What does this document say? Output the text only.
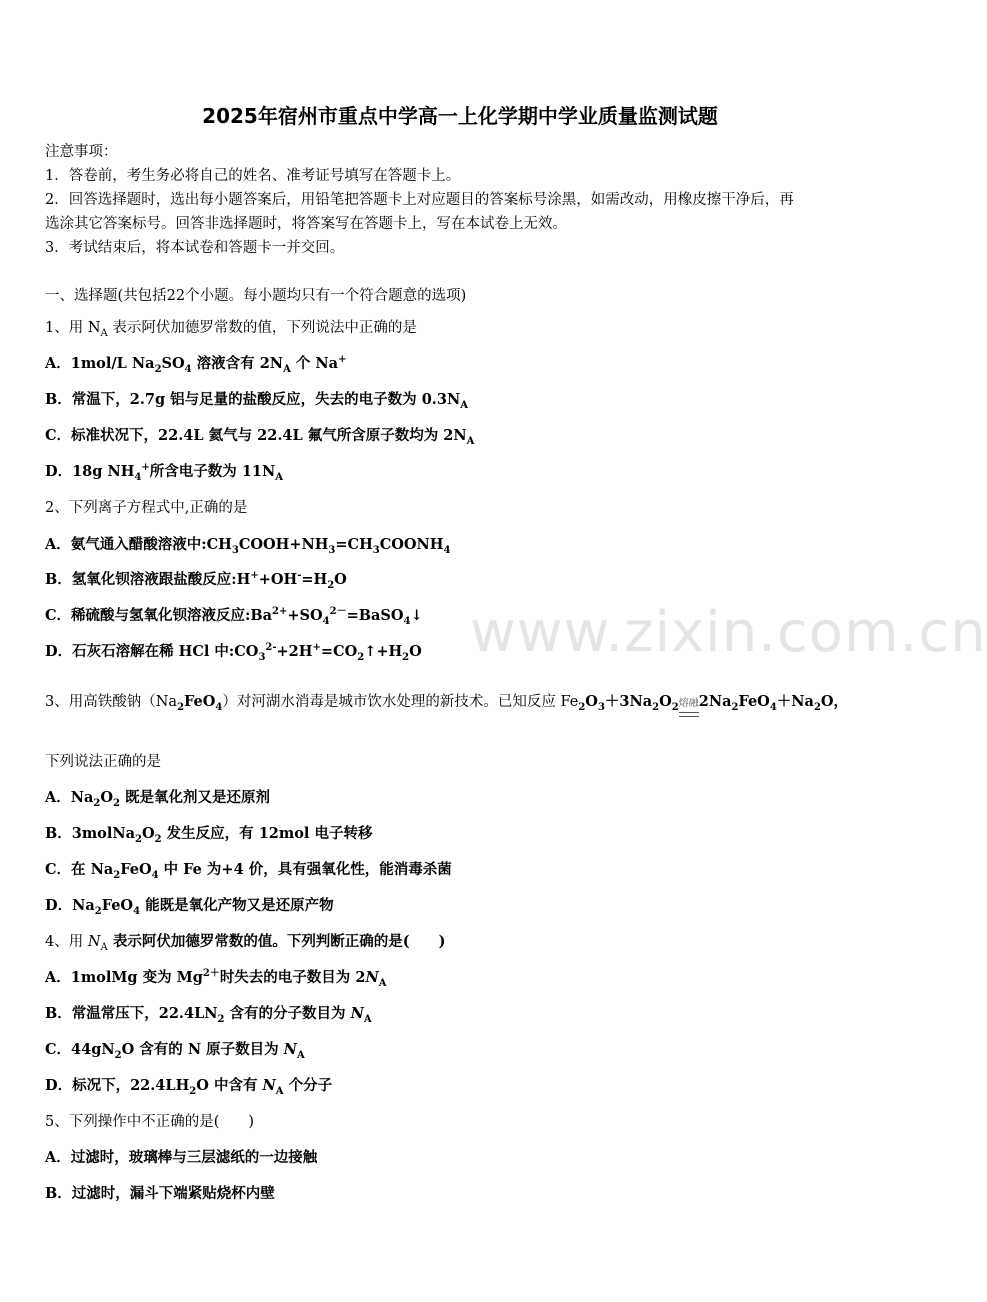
2025年宿州市重点中学高一上化学期中学业质量监测试题
注意事项：
1．答卷前，考生务必将自己的姓名、准考证号填写在答题卡上。
2．回答选择题时，选出每小题答案后，用铅笔把答题卡上对应题目的答案标号涂黑，如需改动，用橡皮擦干净后，再
选涂其它答案标号。回答非选择题时，将答案写在答题卡上，写在本试卷上无效。
3．考试结束后，将本试卷和答题卡一并交回。
一、选择题(共包括22个小题。每小题均只有一个符合题意的选项)
1、用 $N_A$ 表示阿伏加德罗常数的值，下列说法中正确的是
A．1mol/L $Na_2SO_4$ 溶液含有 $2N_A$ 个 Na+
B．常温下，2.7g 铝与足量的盐酸反应，失去的电子数为 $0.3N_A$
C．标准状况下，22.4L 氦气与 22.4L 氟气所含原子数均为 $2N_A$
D．18g $NH_4^+$所含电子数为 $11N_A$
2、下列离子方程式中,正确的是
A．氨气通入醋酸溶液中$:CH_3COOH+NH_3=CH_3COONH_4$
B．氢氧化钡溶液跟盐酸反应$:H^++OH^-=H_2O$
C．稀硫酸与氢氧化钡溶液反应$:Ba^{2+}+SO_4^{2-}=BaSO_4↓$
D．石灰石溶解在稀 HCl 中$:CO_3^{2-}+2H^+=CO_2↑+H_2O$ www.zixin.com.cn
3、用高铁酸钠$(Na_2FeO_4)$对河湖水消毒是城市饮水处理的新技术。已知反应 $Fe_2O_3+3Na_2O_2$熔融
$2Na_2FeO_4+Na_2O$，
下列说法正确的是
A．$Na_2O_2$ 既是氧化剂又是还原剂
B．$3molNa_2O_2$ 发生反应，有 12mol 电子转移
C．在 $Na_2FeO_4$ 中 Fe 为+4 价，具有强氧化性，能消毒杀菌
D．$Na_2FeO_4$ 能既是氧化产物又是还原产物
4、用 $N_A$ 表示阿伏加德罗常数的值。下列判断正确的是(　　)
A．1molMg 变为 $Mg^{2+}$时失去的电子数目为 $2N_A$
B．常温常压下，$22.4LN_2$ 含有的分子数目为 $N_A$
C．$44gN_2O$ 含有的 N 原子数目为 $N_A$
D．标况下，$22.4LH_2O$ 中含有 $N_A$ 个分子
5、下列操作中不正确的是(　　)
A．过滤时，玻璃棒与三层滤纸的一边接触
B．过滤时，漏斗下端紧贴烧杯内壁
